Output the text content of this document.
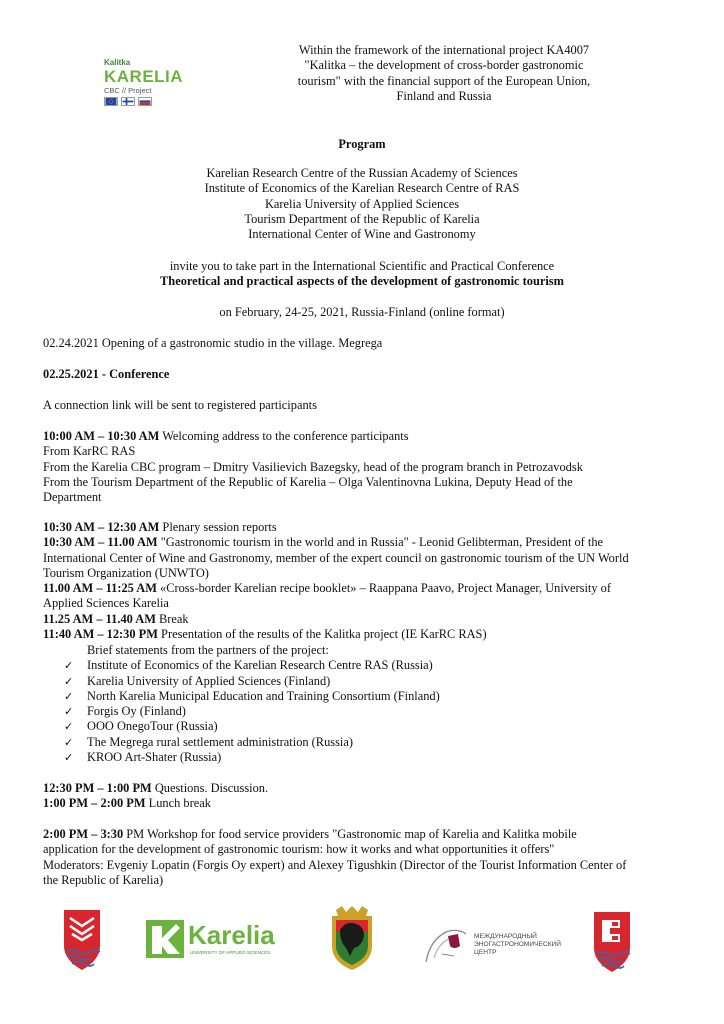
Kalitka
KARELIA
CBC // Project
Within the framework of the international project KA4007
"Kalitka – the development of cross-border gastronomic
tourism" with the financial support of the European Union,
Finland and Russia
Program
Karelian Research Centre of the Russian Academy of Sciences
Institute of Economics of the Karelian Research Centre of RAS
Karelia University of Applied Sciences
Tourism Department of the Republic of Karelia
International Center of Wine and Gastronomy
invite you to take part in the International Scientific and Practical Conference
Theoretical and practical aspects of the development of gastronomic tourism
on February, 24-25, 2021, Russia-Finland (online format)
02.24.2021 Opening of a gastronomic studio in the village. Megrega
02.25.2021 - Conference
A connection link will be sent to registered participants
10:00 AM – 10:30 AM Welcoming address to the conference participants
From KarRC RAS
From the Karelia CBC program – Dmitry Vasilievich Bazegsky, head of the program branch in Petrozavodsk
From the Tourism Department of the Republic of Karelia – Olga Valentinovna Lukina, Deputy Head of the
Department
10:30 AM – 12:30 AM Plenary session reports
10:30 AM – 11.00 AM "Gastronomic tourism in the world and in Russia" - Leonid Gelibterman, President of the
International Center of Wine and Gastronomy, member of the expert council on gastronomic tourism of the UN World
Tourism Organization (UNWTO)
11.00 AM – 11:25 AM «Cross-border Karelian recipe booklet» – Raappana Paavo, Project Manager, University of
Applied Sciences Karelia
11.25 AM – 11.40 AM Break
11:40 AM – 12:30 PM Presentation of the results of the Kalitka project (IE KarRC RAS)
Brief statements from the partners of the project:
✓	Institute of Economics of the Karelian Research Centre RAS (Russia)
✓	Karelia University of Applied Sciences (Finland)
✓	North Karelia Municipal Education and Training Consortium (Finland)
✓	Forgis Oy (Finland)
✓	OOO OnegoTour (Russia)
✓	The Megrega rural settlement administration (Russia)
✓	KROO Art-Shater (Russia)
12:30 PM – 1:00 PM Questions. Discussion.
1:00 PM – 2:00 PM Lunch break
2:00 PM – 3:30 PM Workshop for food service providers "Gastronomic map of Karelia and Kalitka mobile
application for the development of gastronomic tourism: how it works and what opportunities it offers"
Moderators: Evgeniy Lopatin (Forgis Oy expert) and Alexey Tigushkin (Director of the Tourist Information Center of
the Republic of Karelia)
Karelia
UNIVERSITY OF APPLIED SCIENCES
МЕЖДУНАРОДНЫЙ
ЭНОГАСТРОНОМИЧЕСКИЙ
ЦЕНТР
